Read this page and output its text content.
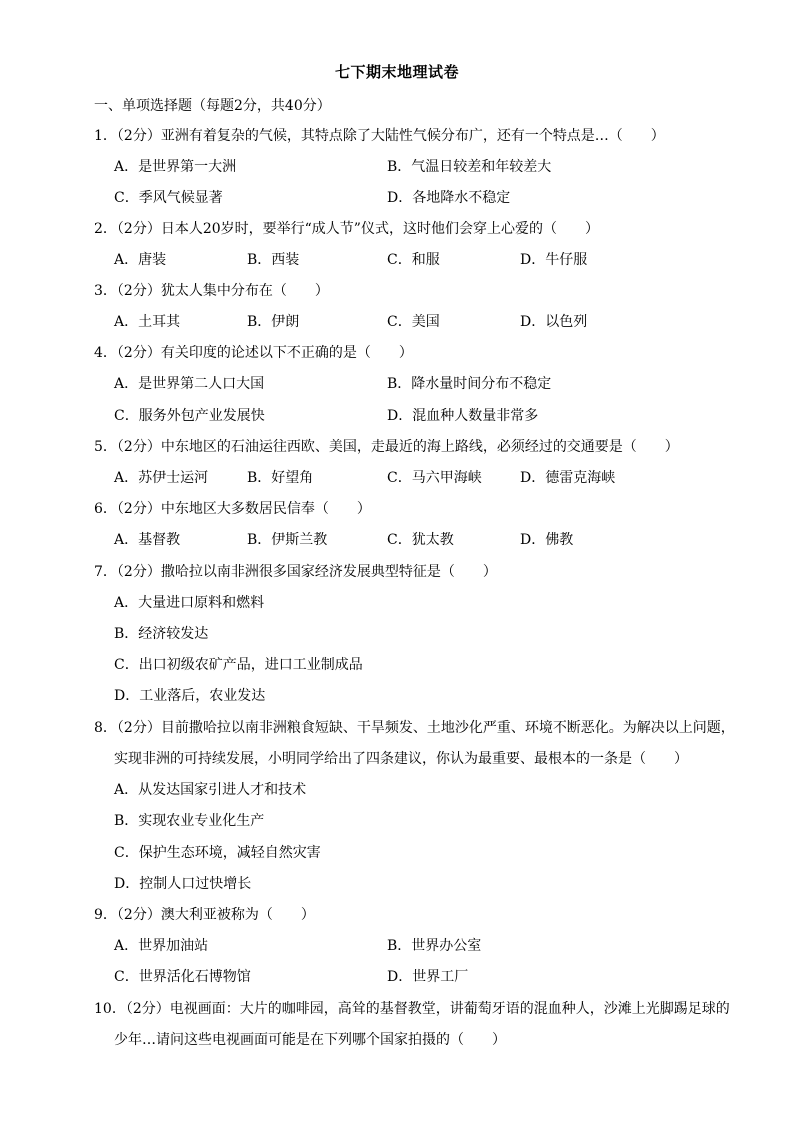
七下期末地理试卷
一、单项选择题（每题2分，共40分）
1．（2分）亚洲有着复杂的气候，其特点除了大陆性气候分布广，还有一个特点是…（　　）
A．是世界第一大洲	B．气温日较差和年较差大
C．季风气候显著	D．各地降水不稳定
2．（2分）日本人20岁时，要举行“成人节”仪式，这时他们会穿上心爱的（　　）
A．唐装	B．西装	C．和服	D．牛仔服
3．（2分）犹太人集中分布在（　　）
A．土耳其	B．伊朗	C．美国	D．以色列
4．（2分）有关印度的论述以下不正确的是（　　）
A．是世界第二人口大国	B．降水量时间分布不稳定
C．服务外包产业发展快	D．混血种人数量非常多
5．（2分）中东地区的石油运往西欧、美国，走最近的海上路线，必须经过的交通要是（　　）
A．苏伊士运河	B．好望角	C．马六甲海峡	D．德雷克海峡
6．（2分）中东地区大多数居民信奉（　　）
A．基督教	B．伊斯兰教	C．犹太教	D．佛教
7．（2分）撒哈拉以南非洲很多国家经济发展典型特征是（　　）
A．大量进口原料和燃料
B．经济较发达
C．出口初级农矿产品，进口工业制成品
D．工业落后，农业发达
8．（2分）目前撒哈拉以南非洲粮食短缺、干旱频发、土地沙化严重、环境不断恶化。为解决以上问题，
实现非洲的可持续发展，小明同学给出了四条建议，你认为最重要、最根本的一条是（　　）
A．从发达国家引进人才和技术
B．实现农业专业化生产
C．保护生态环境，减轻自然灾害
D．控制人口过快增长
9．（2分）澳大利亚被称为（　　）
A．世界加油站	B．世界办公室
C．世界活化石博物馆	D．世界工厂
10．（2分）电视画面：大片的咖啡园，高耸的基督教堂，讲葡萄牙语的混血种人，沙滩上光脚踢足球的
少年…请问这些电视画面可能是在下列哪个国家拍摄的（　　）
